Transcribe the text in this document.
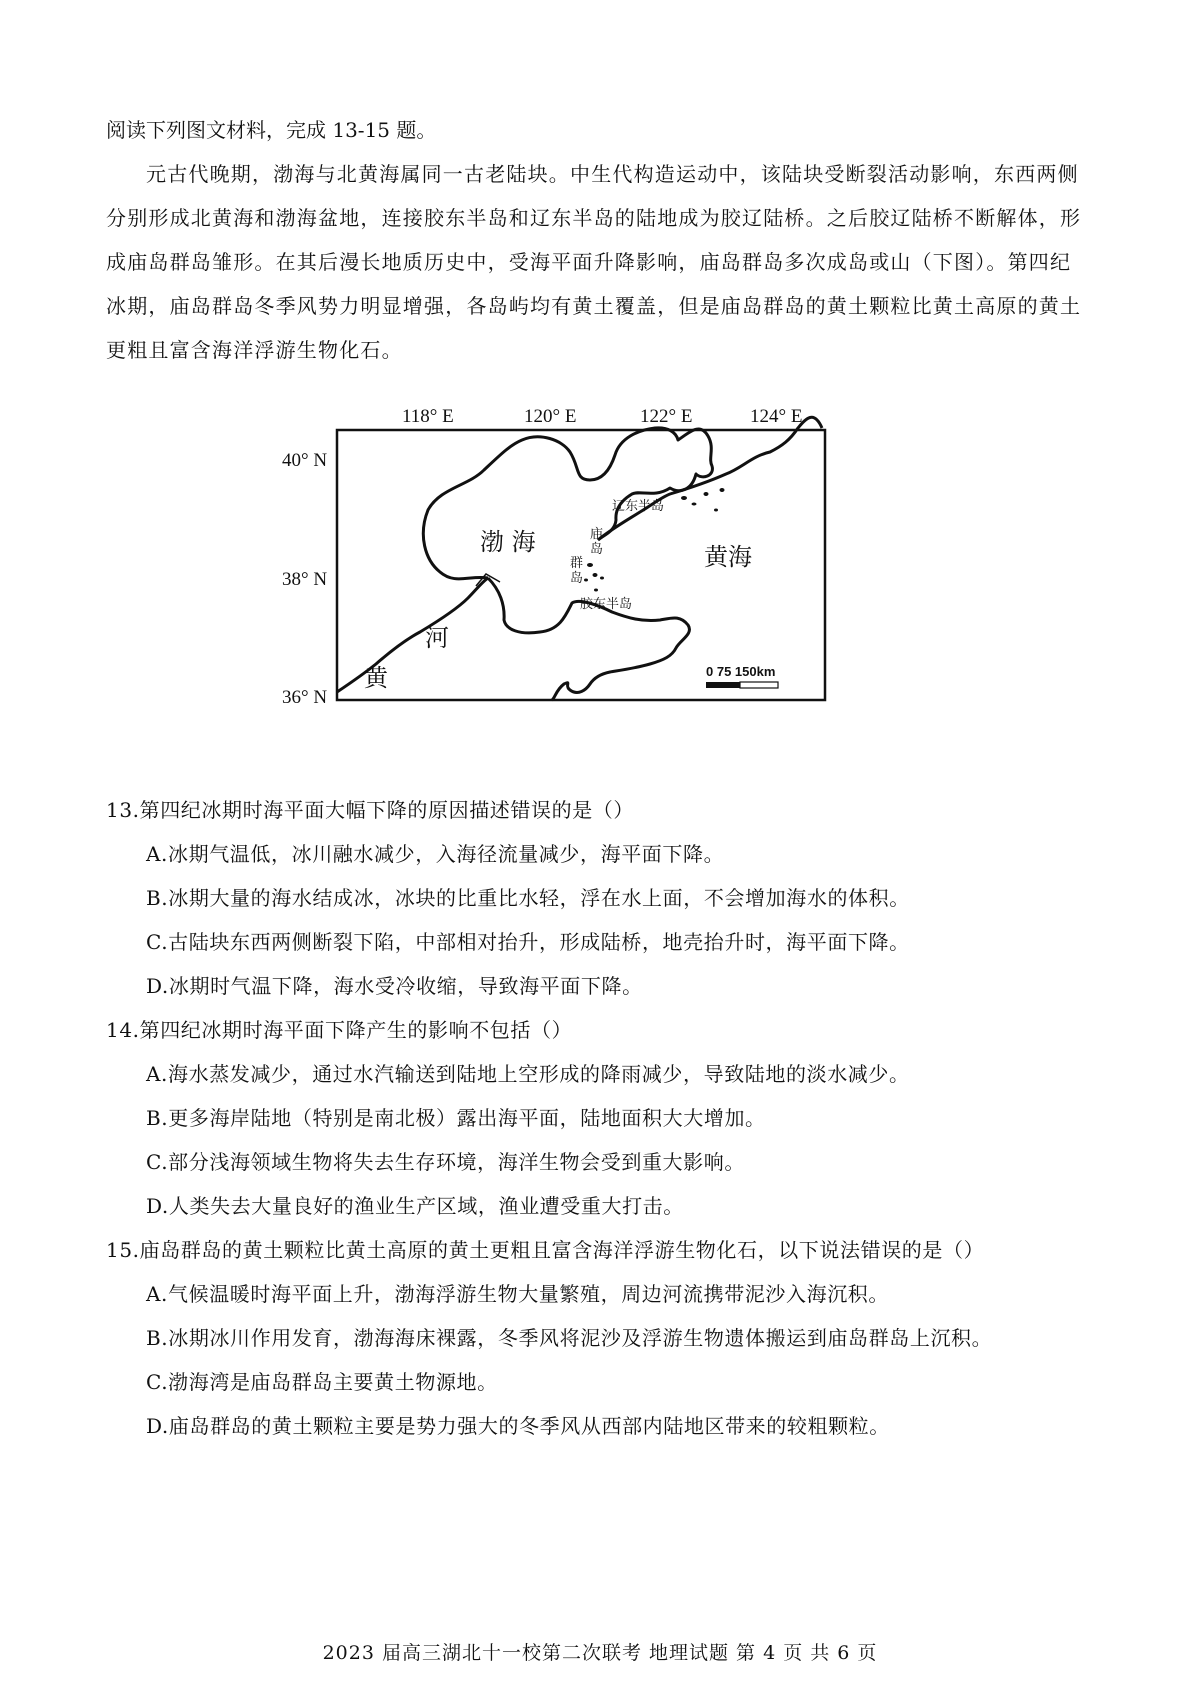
阅读下列图文材料，完成 13-15 题。
元古代晚期，渤海与北黄海属同一古老陆块。中生代构造运动中，该陆块受断裂活动影响，东西两侧
分别形成北黄海和渤海盆地，连接胶东半岛和辽东半岛的陆地成为胶辽陆桥。之后胶辽陆桥不断解体，形
成庙岛群岛雏形。在其后漫长地质历史中，受海平面升降影响，庙岛群岛多次成岛或山（下图）。第四纪
冰期，庙岛群岛冬季风势力明显增强，各岛屿均有黄土覆盖，但是庙岛群岛的黄土颗粒比黄土高原的黄土
更粗且富含海洋浮游生物化石。
118° E	120° E	122° E	124° E
40° N
38° N
36° N
渤 海
黄海
辽东半岛
胶东半岛
庙
岛
群
岛
河
黄	0 75 150km
13.第四纪冰期时海平面大幅下降的原因描述错误的是（）
A.冰期气温低，冰川融水减少，入海径流量减少，海平面下降。
B.冰期大量的海水结成冰，冰块的比重比水轻，浮在水上面，不会增加海水的体积。
C.古陆块东西两侧断裂下陷，中部相对抬升，形成陆桥，地壳抬升时，海平面下降。
D.冰期时气温下降，海水受冷收缩，导致海平面下降。
14.第四纪冰期时海平面下降产生的影响不包括（）
A.海水蒸发减少，通过水汽输送到陆地上空形成的降雨减少，导致陆地的淡水减少。
B.更多海岸陆地（特别是南北极）露出海平面，陆地面积大大增加。
C.部分浅海领域生物将失去生存环境，海洋生物会受到重大影响。
D.人类失去大量良好的渔业生产区域，渔业遭受重大打击。
15.庙岛群岛的黄土颗粒比黄土高原的黄土更粗且富含海洋浮游生物化石，以下说法错误的是（）
A.气候温暖时海平面上升，渤海浮游生物大量繁殖，周边河流携带泥沙入海沉积。
B.冰期冰川作用发育，渤海海床裸露，冬季风将泥沙及浮游生物遗体搬运到庙岛群岛上沉积。
C.渤海湾是庙岛群岛主要黄土物源地。
D.庙岛群岛的黄土颗粒主要是势力强大的冬季风从西部内陆地区带来的较粗颗粒。
2023 届高三湖北十一校第二次联考 地理试题 第 4 页 共 6 页
